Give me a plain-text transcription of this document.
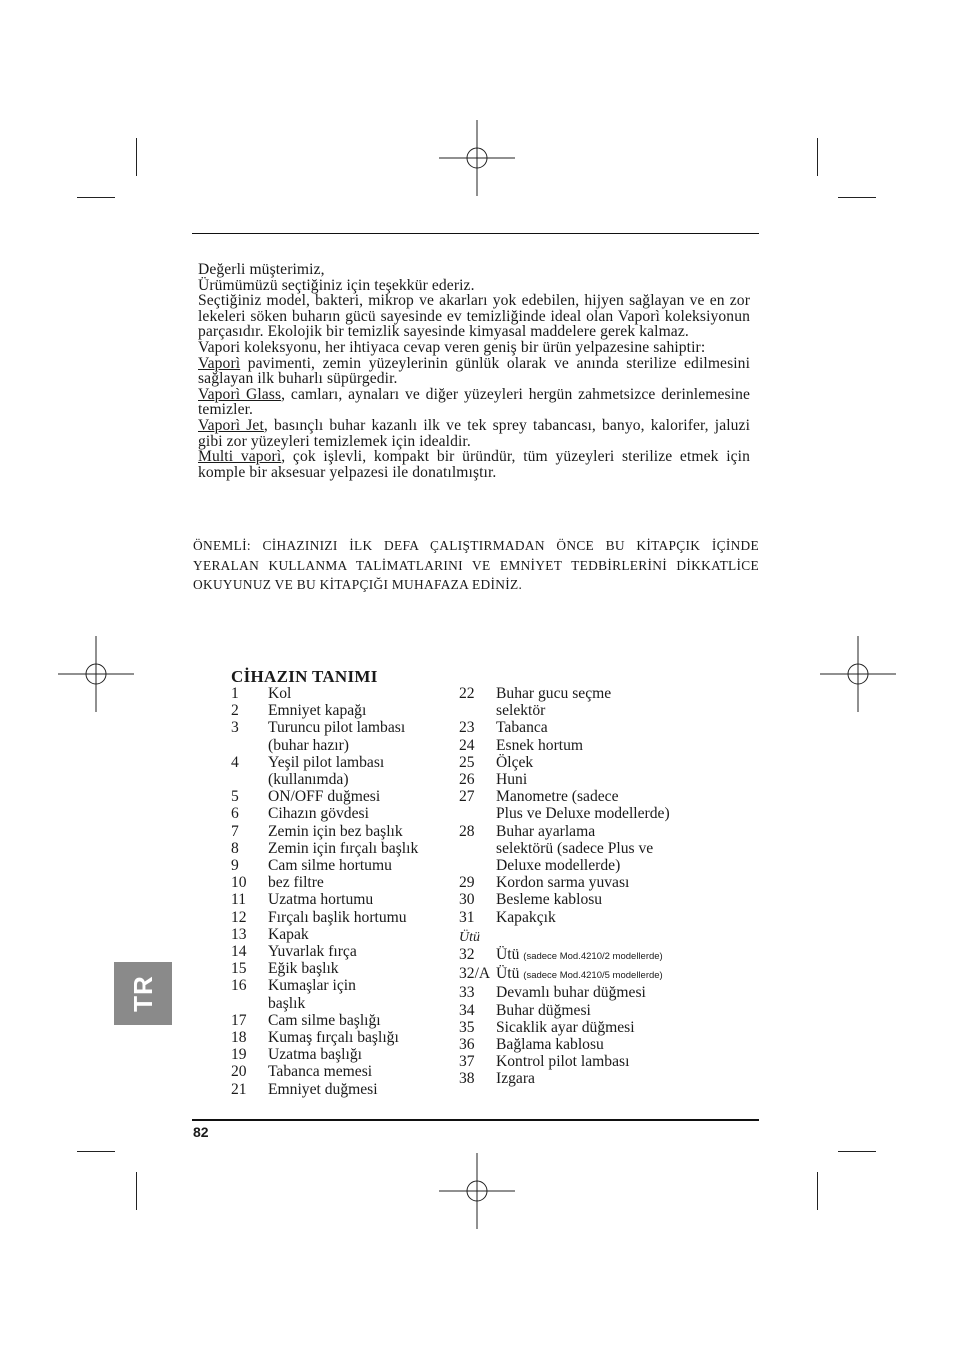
Değerli müşterimiz,

Ürümümüzü seçtiğiniz için teşekkür ederiz.

Seçtiğiniz model, bakteri, mikrop ve akarları yok edebilen, hijyen sağlayan ve en zor lekeleri söken buharın gücü sayesinde ev temizliğinde ideal olan Vaporì koleksiyonun parçasıdır. Ekolojik bir temizlik sayesinde kimyasal maddelere gerek kalmaz.

Vapori koleksyonu, her ihtiyaca cevap veren geniş bir ürün yelpazesine sahiptir:

Vaporì pavimenti, zemin yüzeylerinin günlük olarak ve anında sterilize edilmesini sağlayan ilk buharlı süpürgedir.

Vaporì Glass, camları, aynaları ve diğer yüzeyleri hergün zahmetsizce derinlemesine temizler.

Vaporì Jet, basınçlı buhar kazanlı ilk ve tek sprey tabancası, banyo, kalorifer, jaluzi gibi zor yüzeyleri temizlemek için idealdir.

Multi vaporì, çok işlevli, kompakt bir üründür, tüm yüzeyleri sterilize etmek için komple bir aksesuar yelpazesi ile donatılmıştır.

ÖNEMLİ: CİHAZINIZI İLK DEFA ÇALIŞTIRMADAN ÖNCE BU KİTAPÇIK İÇİNDE YERALAN KULLANMA TALİMATLARINI VE EMNİYET TEDBİRLERİNİ DİKKATLİCE OKUYUNUZ VE BU KİTAPÇIĞI MUHAFAZA EDİNİZ.

CİHAZIN TANIMI
1	Kol
2	Emniyet kapağı
3	Turuncu pilot lambası
(buhar hazır)
4	Yeşil pilot lambası
(kullanımda)
5	ON/OFF duğmesi
6	Cihazın gövdesi
7	Zemin için bez başlık
8	Zemin için fırçalı başlık
9	Cam silme hortumu
10	bez filtre
11	Uzatma hortumu
12	Fırçalı başlik hortumu
13	Kapak
14	Yuvarlak fırça
15	Eğik başlık
16	Kumaşlar için
başlık
17	Cam silme başlığı
18	Kumaş fırçalı başlığı
19	Uzatma başlığı
20	Tabanca memesi
21	Emniyet duğmesi
22	Buhar gucu seçme
selektör
23	Tabanca
24	Esnek hortum
25	Ölçek
26	Huni
27	Manometre (sadece
Plus ve Deluxe modellerde)
28	Buhar ayarlama
selektörü (sadece Plus ve
Deluxe modellerde)
29	Kordon sarma yuvası
30	Besleme kablosu
31	Kapakçık
Ütü
32	Ütü (sadece Mod.4210/2 modellerde)
32/A Ütü (sadece Mod.4210/5 modellerde)
33	Devamlı buhar düğmesi
34	Buhar düğmesi
35	Sicaklik ayar düğmesi
36	Bağlama kablosu
37	Kontrol pilot lambası
38	Izgara
TR
82
